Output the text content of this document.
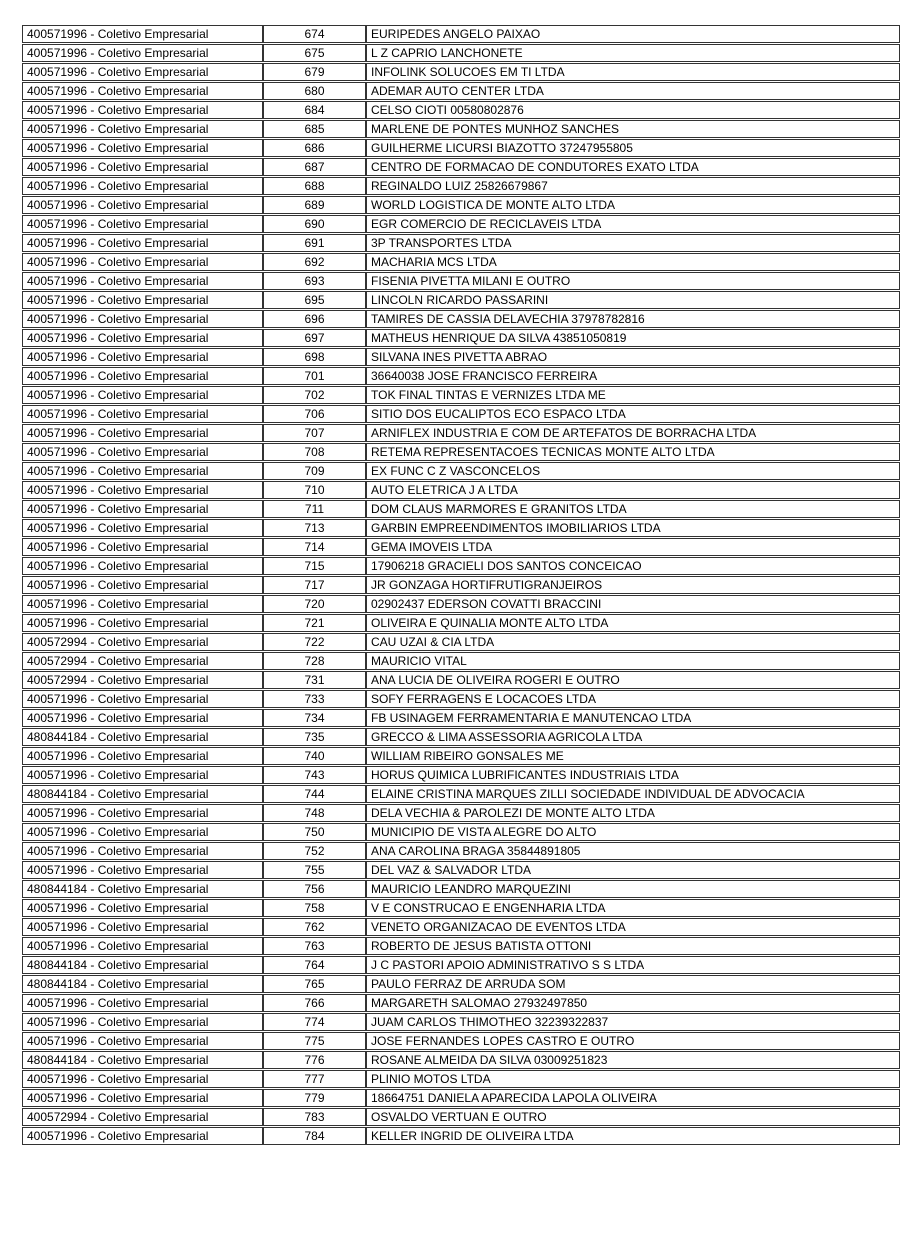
400571996 - Coletivo Empresarial	674	EURIPEDES ANGELO PAIXAO
400571996 - Coletivo Empresarial	675	L Z CAPRIO LANCHONETE
400571996 - Coletivo Empresarial	679	INFOLINK SOLUCOES EM TI LTDA
400571996 - Coletivo Empresarial	680	ADEMAR AUTO CENTER LTDA
400571996 - Coletivo Empresarial	684	CELSO CIOTI 00580802876
400571996 - Coletivo Empresarial	685	MARLENE DE PONTES MUNHOZ SANCHES
400571996 - Coletivo Empresarial	686	GUILHERME LICURSI BIAZOTTO 37247955805
400571996 - Coletivo Empresarial	687	CENTRO DE FORMACAO DE CONDUTORES EXATO LTDA
400571996 - Coletivo Empresarial	688	REGINALDO LUIZ 25826679867
400571996 - Coletivo Empresarial	689	WORLD LOGISTICA DE MONTE ALTO LTDA
400571996 - Coletivo Empresarial	690	EGR COMERCIO DE RECICLAVEIS LTDA
400571996 - Coletivo Empresarial	691	3P TRANSPORTES LTDA
400571996 - Coletivo Empresarial	692	MACHARIA MCS LTDA
400571996 - Coletivo Empresarial	693	FISENIA PIVETTA MILANI E OUTRO
400571996 - Coletivo Empresarial	695	LINCOLN RICARDO PASSARINI
400571996 - Coletivo Empresarial	696	TAMIRES DE CASSIA DELAVECHIA 37978782816
400571996 - Coletivo Empresarial	697	MATHEUS HENRIQUE DA SILVA 43851050819
400571996 - Coletivo Empresarial	698	SILVANA INES PIVETTA ABRAO
400571996 - Coletivo Empresarial	701	36640038 JOSE FRANCISCO FERREIRA
400571996 - Coletivo Empresarial	702	TOK FINAL TINTAS E VERNIZES LTDA ME
400571996 - Coletivo Empresarial	706	SITIO DOS EUCALIPTOS ECO ESPACO LTDA
400571996 - Coletivo Empresarial	707	ARNIFLEX INDUSTRIA E COM DE ARTEFATOS DE BORRACHA LTDA
400571996 - Coletivo Empresarial	708	RETEMA REPRESENTACOES TECNICAS MONTE ALTO LTDA
400571996 - Coletivo Empresarial	709	EX FUNC C Z VASCONCELOS
400571996 - Coletivo Empresarial	710	AUTO ELETRICA J A LTDA
400571996 - Coletivo Empresarial	711	DOM CLAUS MARMORES E GRANITOS LTDA
400571996 - Coletivo Empresarial	713	GARBIN EMPREENDIMENTOS IMOBILIARIOS LTDA
400571996 - Coletivo Empresarial	714	GEMA IMOVEIS LTDA
400571996 - Coletivo Empresarial	715	17906218 GRACIELI DOS SANTOS CONCEICAO
400571996 - Coletivo Empresarial	717	JR GONZAGA HORTIFRUTIGRANJEIROS
400571996 - Coletivo Empresarial	720	02902437 EDERSON COVATTI BRACCINI
400571996 - Coletivo Empresarial	721	OLIVEIRA E QUINALIA MONTE ALTO LTDA
400572994 - Coletivo Empresarial	722	CAU UZAI & CIA LTDA
400572994 - Coletivo Empresarial	728	MAURICIO VITAL
400572994 - Coletivo Empresarial	731	ANA LUCIA DE OLIVEIRA ROGERI E OUTRO
400571996 - Coletivo Empresarial	733	SOFY FERRAGENS E LOCACOES LTDA
400571996 - Coletivo Empresarial	734	FB USINAGEM FERRAMENTARIA E MANUTENCAO LTDA
480844184 - Coletivo Empresarial	735	GRECCO & LIMA ASSESSORIA AGRICOLA LTDA
400571996 - Coletivo Empresarial	740	WILLIAM RIBEIRO GONSALES ME
400571996 - Coletivo Empresarial	743	HORUS QUIMICA LUBRIFICANTES INDUSTRIAIS LTDA
480844184 - Coletivo Empresarial	744	ELAINE CRISTINA MARQUES ZILLI SOCIEDADE INDIVIDUAL DE ADVOCACIA
400571996 - Coletivo Empresarial	748	DELA VECHIA & PAROLEZI DE MONTE ALTO LTDA
400571996 - Coletivo Empresarial	750	MUNICIPIO DE VISTA ALEGRE DO ALTO
400571996 - Coletivo Empresarial	752	ANA CAROLINA BRAGA 35844891805
400571996 - Coletivo Empresarial	755	DEL VAZ & SALVADOR LTDA
480844184 - Coletivo Empresarial	756	MAURICIO LEANDRO MARQUEZINI
400571996 - Coletivo Empresarial	758	V E CONSTRUCAO E ENGENHARIA LTDA
400571996 - Coletivo Empresarial	762	VENETO ORGANIZACAO DE EVENTOS LTDA
400571996 - Coletivo Empresarial	763	ROBERTO DE JESUS BATISTA OTTONI
480844184 - Coletivo Empresarial	764	J C PASTORI APOIO ADMINISTRATIVO S S LTDA
480844184 - Coletivo Empresarial	765	PAULO FERRAZ DE ARRUDA SOM
400571996 - Coletivo Empresarial	766	MARGARETH SALOMAO 27932497850
400571996 - Coletivo Empresarial	774	JUAM CARLOS THIMOTHEO 32239322837
400571996 - Coletivo Empresarial	775	JOSE FERNANDES LOPES CASTRO E OUTRO
480844184 - Coletivo Empresarial	776	ROSANE ALMEIDA DA SILVA 03009251823
400571996 - Coletivo Empresarial	777	PLINIO MOTOS LTDA
400571996 - Coletivo Empresarial	779	18664751 DANIELA APARECIDA LAPOLA OLIVEIRA
400572994 - Coletivo Empresarial	783	OSVALDO VERTUAN E OUTRO
400571996 - Coletivo Empresarial	784	KELLER INGRID DE OLIVEIRA LTDA
